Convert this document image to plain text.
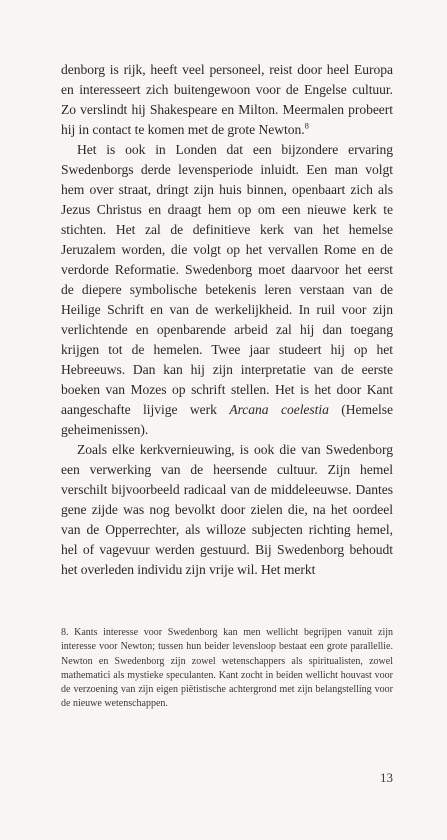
denborg is rijk, heeft veel personeel, reist door heel Europa en interesseert zich buitengewoon voor de Engelse cultuur. Zo verslindt hij Shakespeare en Milton. Meermalen probeert hij in contact te komen met de grote Newton.$^8$

Het is ook in Londen dat een bijzondere ervaring Swedenborgs derde levensperiode inluidt. Een man volgt hem over straat, dringt zijn huis binnen, openbaart zich als Jezus Christus en draagt hem op om een nieuwe kerk te stichten. Het zal de definitieve kerk van het hemelse Jeruzalem worden, die volgt op het vervallen Rome en de verdorde Reformatie. Swedenborg moet daarvoor het eerst de diepere symbolische betekenis leren verstaan van de Heilige Schrift en van de werkelijkheid. In ruil voor zijn verlichtende en openbarende arbeid zal hij dan toegang krijgen tot de hemelen. Twee jaar studeert hij op het Hebreeuws. Dan kan hij zijn interpretatie van de eerste boeken van Mozes op schrift stellen. Het is het door Kant aangeschafte lijvige werk Arcana coelestia (Hemelse geheimenissen).

Zoals elke kerkvernieuwing, is ook die van Swedenborg een verwerking van de heersende cultuur. Zijn hemel verschilt bijvoorbeeld radicaal van de middeleeuwse. Dantes gene zijde was nog bevolkt door zielen die, na het oordeel van de Opperrechter, als willoze subjecten richting hemel, hel of vagevuur werden gestuurd. Bij Swedenborg behoudt het overleden individu zijn vrije wil. Het merkt

8. Kants interesse voor Swedenborg kan men wellicht begrijpen vanuit zijn interesse voor Newton; tussen hun beider levensloop bestaat een grote parallellie. Newton en Swedenborg zijn zowel wetenschappers als spiritualisten, zowel mathematici als mystieke speculanten. Kant zocht in beiden wellicht houvast voor de verzoening van zijn eigen piëtistische achtergrond met zijn belangstelling voor de nieuwe wetenschappen.

13
